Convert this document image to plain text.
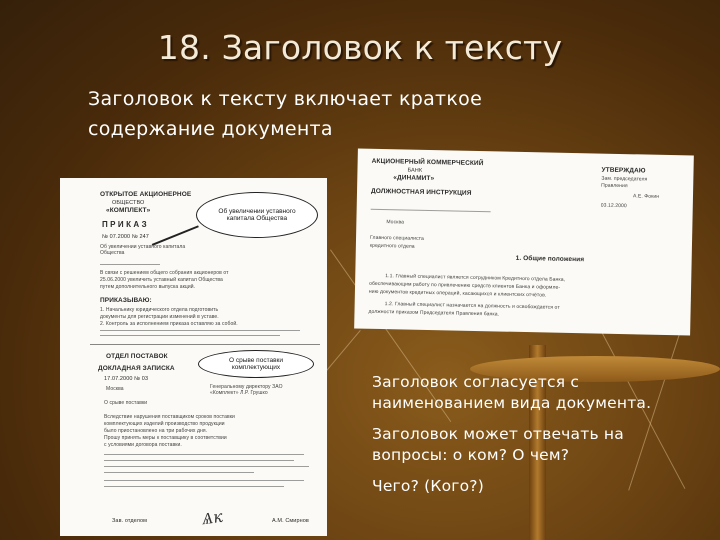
18. Заголовок к тексту
Заголовок к тексту включает краткое содержание документа
ОТКРЫТОЕ АКЦИОНЕРНОЕ
ОБЩЕСТВО
«КОМПЛЕКТ»
П Р И К А З
№ 07.2000 № 247
Об увеличении уставного капитала Общества
Об увеличении уставного капитала Общества
В связи с решением общего собрания акционеров от
25.06.2000 увеличить уставный капитал Общества
путем дополнительного выпуска акций.
ПРИКАЗЫВАЮ:
1. Начальнику юридического отдела подготовить
документы для регистрации изменений в уставе.
2. Контроль за исполнением приказа оставляю за собой.
ОТДЕЛ ПОСТАВОК
О срыве поставки комплектующих
ДОКЛАДНАЯ ЗАПИСКА
17.07.2000 № 03
Москва	Генеральному директору ЗАО «Комплект» Л.Р. Грушко
О срыве поставки
Вследствие нарушения поставщиком сроков поставки
комплектующих изделий производство продукции
было приостановлено на три рабочих дня.
Прошу принять меры к поставщику в соответствии
с условиями договора поставки.
Зав. отделом	Ѧк	А.М. Смирнов
АКЦИОНЕРНЫЙ КОММЕРЧЕСКИЙ
БАНК
«ДИНАМИТ»
УТВЕРЖДАЮ
Зам. председателя
Правления
А.Е. Фокин
03.12.2000
ДОЛЖНОСТНАЯ ИНСТРУКЦИЯ
Москва
Главного специалиста
кредитного отдела
1. Общие положения
1.1. Главный специалист является сотрудником Кредитного отдела Банка,
обеспечивающим работу по привлечению средств клиентов Банка и оформле-
нию документов кредитных операций, касающихся и клиентских отчётов.
1.2. Главный специалист назначается на должность и освобождается от
должности приказом Председателя Правления банка.

Заголовок согласуется с наименованием вида документа.

Заголовок может отвечать на вопросы: о ком? О чем?

Чего? (Кого?)
